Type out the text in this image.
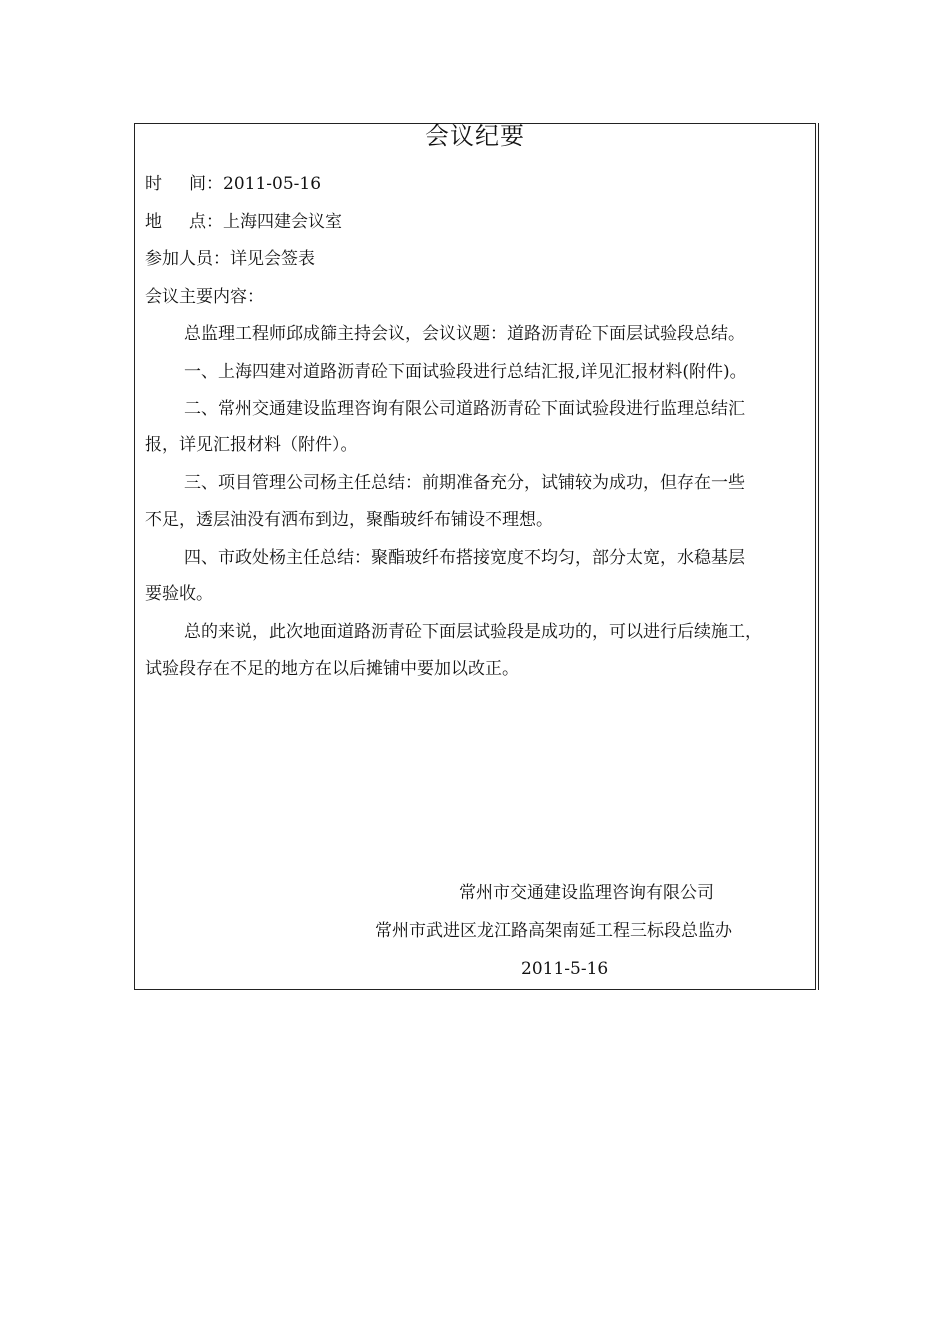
会议纪要
时 间：2011-05-16
地 点：上海四建会议室
参加人员：详见会签表
会议主要内容：
总监理工程师邱成篩主持会议，会议议题：道路沥青砼下面层试验段总结。
一、上海四建对道路沥青砼下面试验段进行总结汇报,详见汇报材料(附件)。
二、常州交通建设监理咨询有限公司道路沥青砼下面试验段进行监理总结汇
报，详见汇报材料（附件）。
三、项目管理公司杨主任总结：前期准备充分，试铺较为成功，但存在一些
不足，透层油没有洒布到边，聚酯玻纤布铺设不理想。
四、市政处杨主任总结：聚酯玻纤布搭接宽度不均匀，部分太宽，水稳基层
要验收。
总的来说，此次地面道路沥青砼下面层试验段是成功的，可以进行后续施工，
试验段存在不足的地方在以后摊铺中要加以改正。
常州市交通建设监理咨询有限公司
常州市武进区龙江路高架南延工程三标段总监办
2011-5-16
